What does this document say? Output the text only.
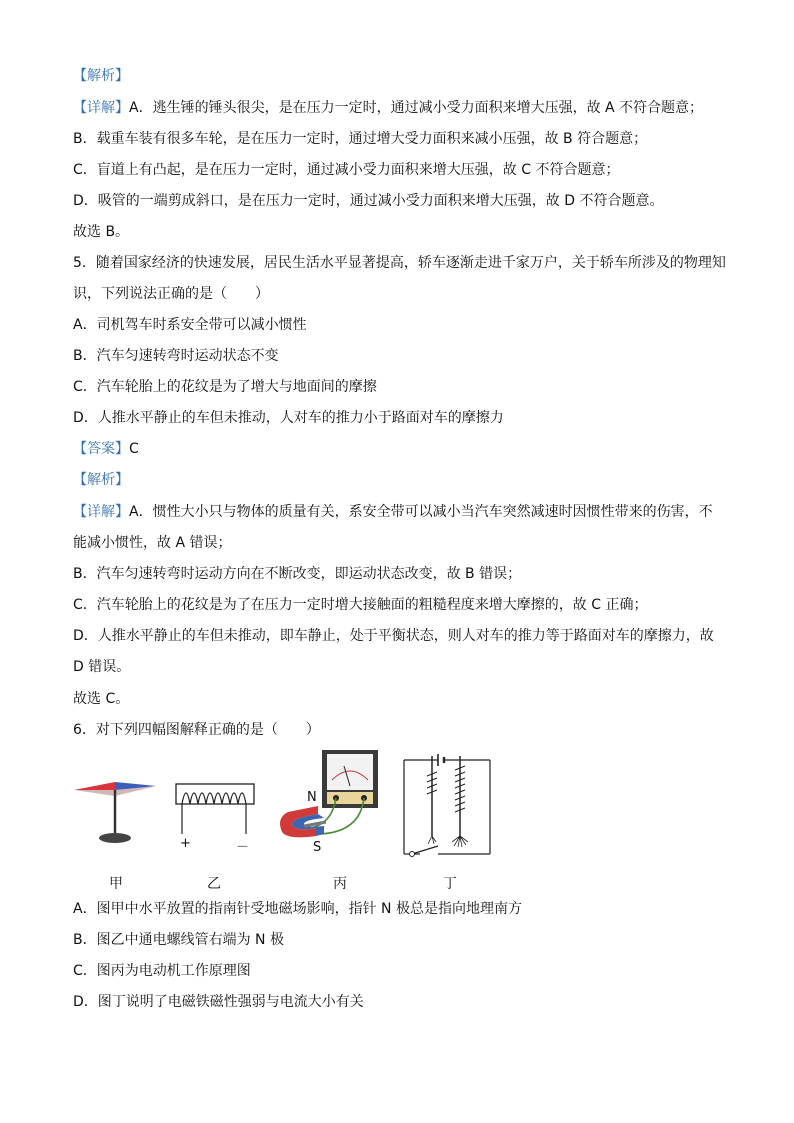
【解析】
【详解】A．逃生锤的锤头很尖，是在压力一定时，通过减小受力面积来增大压强，故 A 不符合题意；
B．载重车装有很多车轮，是在压力一定时，通过增大受力面积来减小压强，故 B 符合题意；
C．盲道上有凸起，是在压力一定时，通过减小受力面积来增大压强，故 C 不符合题意；
D．吸管的一端剪成斜口，是在压力一定时，通过减小受力面积来增大压强，故 D 不符合题意。
故选 B。
5．随着国家经济的快速发展，居民生活水平显著提高，轿车逐渐走进千家万户，关于轿车所涉及的物理知
识，下列说法正确的是（　　）
A．司机驾车时系安全带可以减小惯性
B．汽车匀速转弯时运动状态不变
C．汽车轮胎上的花纹是为了增大与地面间的摩擦
D．人推水平静止的车但未推动，人对车的推力小于路面对车的摩擦力
【答案】C
【解析】
【详解】A．惯性大小只与物体的质量有关，系安全带可以减小当汽车突然减速时因惯性带来的伤害，不
能减小惯性，故 A 错误；
B．汽车匀速转弯时运动方向在不断改变，即运动状态改变，故 B 错误；
C．汽车轮胎上的花纹是为了在压力一定时增大接触面的粗糙程度来增大摩擦的，故 C 正确；
D．人推水平静止的车但未推动，即车静止，处于平衡状态，则人对车的推力等于路面对车的摩擦力，故
D 错误。
故选 C。
6．对下列四幅图解释正确的是（　　）
+	－
N
S
甲	乙	丙	丁
A．图甲中水平放置的指南针受地磁场影响，指针 N 极总是指向地理南方
B．图乙中通电螺线管右端为 N 极
C．图丙为电动机工作原理图
D．图丁说明了电磁铁磁性强弱与电流大小有关
